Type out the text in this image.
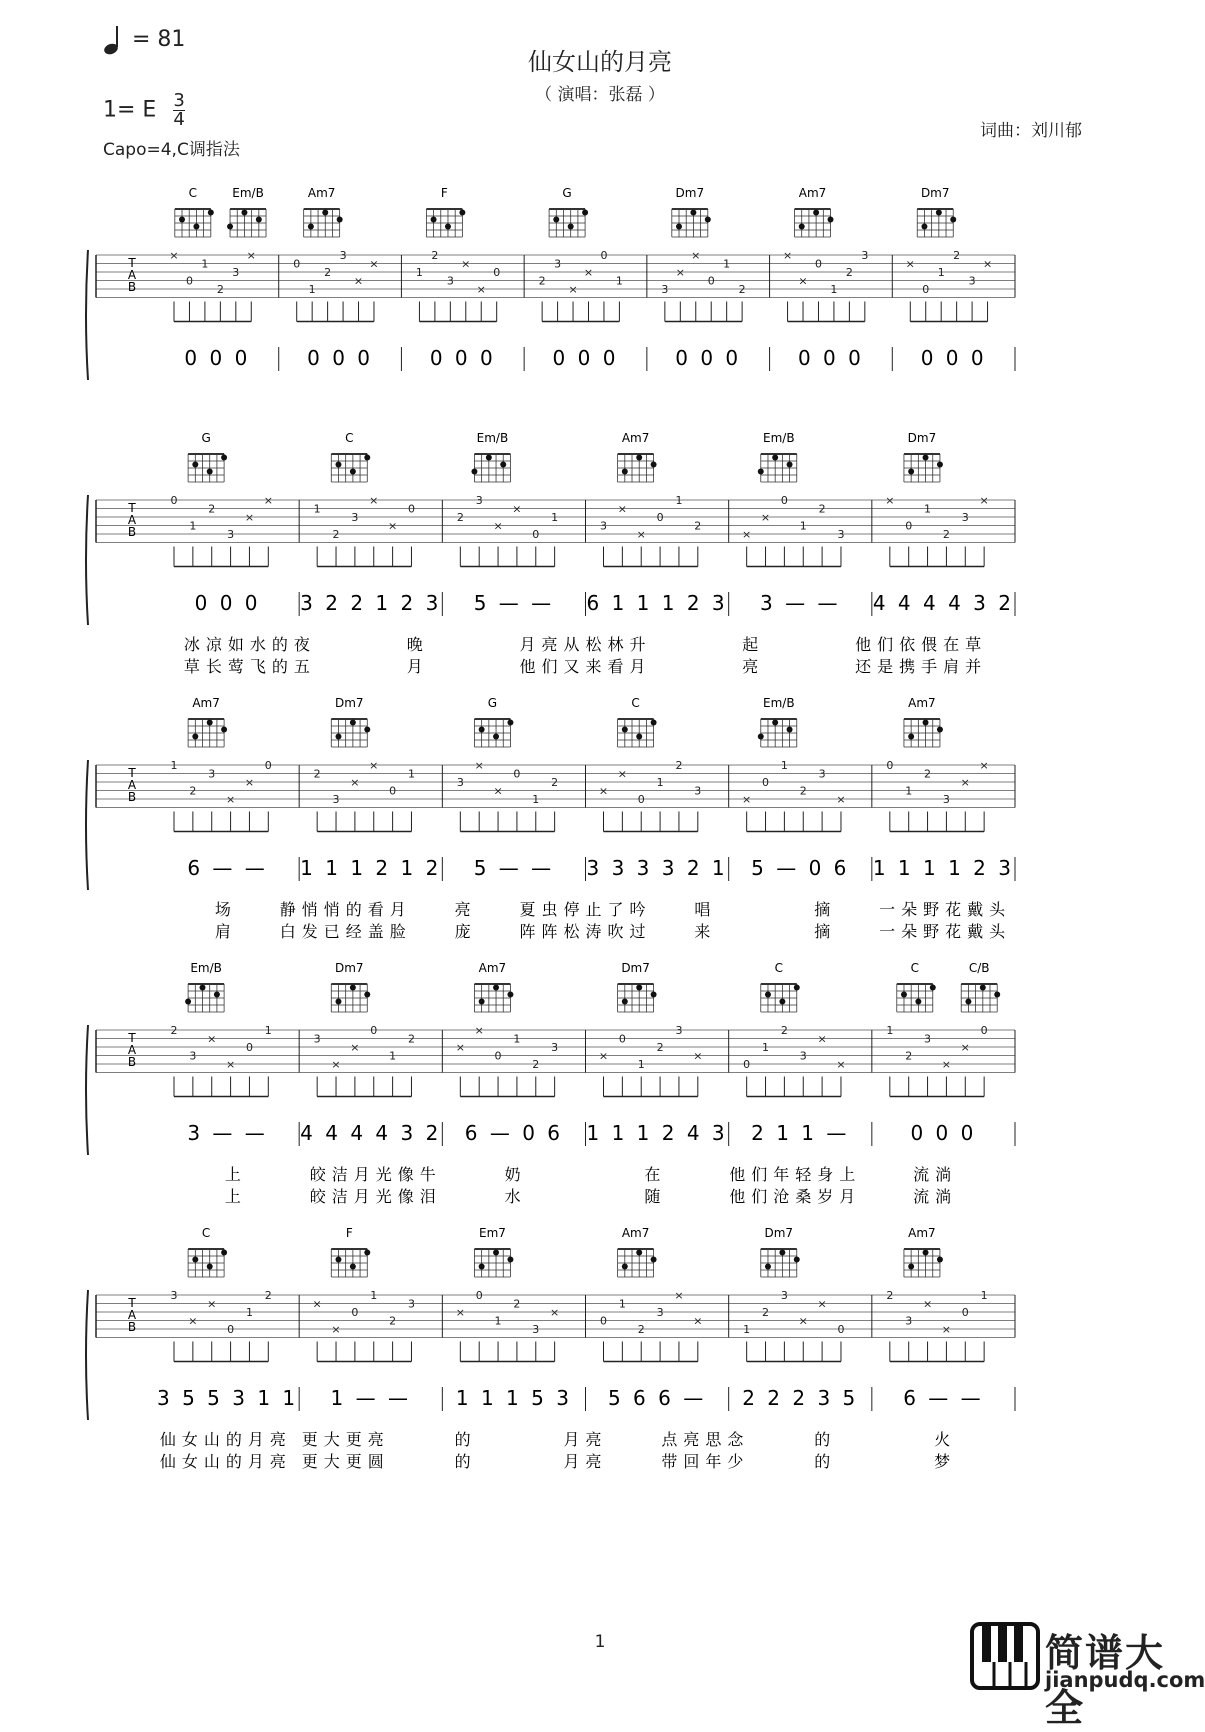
= 81
仙女山的月亮
（ 演唱：张磊 ）
1= E $\frac{3}{4}$
Capo=4,C调指法
词曲：刘川郁
T
A
B
C	Em/B
×
0
1
2
3
×
0 0 0
Am7
0
1
2
3
×
×
0 0 0
F
1
2
3
×
×
0
0 0 0
G
2
3
×
×
0
1
0 0 0
Dm7
3
×
×
0
1
2
0 0 0
Am7
×
×
0
1
2
3
0 0 0
Dm7
×
0
1
2
3
×
0 0 0
T
A
B
G
0
1
2
3
×
×
0 0 0
C
1
2
3
×
×
0
3 2 2 1 2 3
Em/B
2
3
×
×
0
1
5 — —
Am7
3
×
×
0
1
2
6 1 1 1 2 3
Em/B
×
×
0
1
2
3
3 — —
Dm7
×
0
1
2
3
×
4 4 4 4 3 2
冰凉如水的夜	晚	月亮从松林升	起	他们依偎在草
草长莺飞的五	月	他们又来看月	亮	还是携手肩并
T
A
B
Am7
1
2
3
×
×
0
6 — —
Dm7
2
3
×
×
0
1
1 1 1 2 1 2
G
3
×
×
0
1
2
5 — —
C
×
×
0
1
2
3
3 3 3 3 2 1
Em/B
×
0
1
2
3
×
5 — 0 6
Am7
0
1
2
3
×
×
1 1 1 1 2 3
场	静悄悄的看月	亮	夏虫停止了吟	唱	摘	一朵野花戴头
肩	白发已经盖脸	庞	阵阵松涛吹过	来	摘	一朵野花戴头
T
A
B
Em/B
2
3
×
×
0
1
3 — —
Dm7
3
×
×
0
1
2
4 4 4 4 3 2
Am7
×
×
0
1
2
3
6 — 0 6
Dm7
×
0
1
2
3
×
1 1 1 2 4 3
C
0
1
2
3
×
×
2 1 1 —
C	C/B
1
2
3
×
×
0
0 0 0
上	皎洁月光像牛	奶	在	他们年轻身上	流淌
上	皎洁月光像泪	水	随	他们沧桑岁月	流淌
T
A
B
C
3
×
×
0
1
2
3 5 5 3 1 1
F
×
×
0
1
2
3
1 — —
Em7
×
0
1
2
3
×
1 1 1 5 3
Am7
0
1
2
3
×
×
5 6 6 —
Dm7
1
2
3
×
×
0
2 2 2 3 5
Am7
2
3
×
×
0
1
6 — —
仙女山的月亮 更大更亮	的	月亮	点亮思念	的	火
仙女山的月亮 更大更圆	的	月亮	带回年少	的	梦
1	简谱大全
jianpudq.com
